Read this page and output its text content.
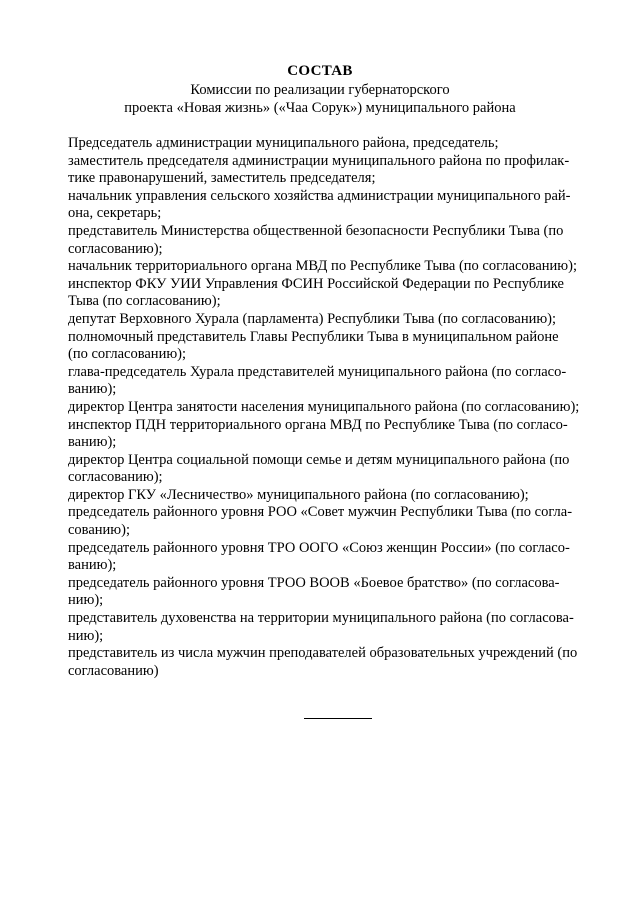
СОСТАВ
Комиссии по реализации губернаторского
проекта «Новая жизнь» («Чаа Сорук») муниципального района
Председатель администрации муниципального района, председатель;
заместитель председателя администрации муниципального района по профилак-
тике правонарушений, заместитель председателя;
начальник управления сельского хозяйства администрации муниципального рай-
она, секретарь;
представитель Министерства общественной безопасности Республики Тыва (по
согласованию);
начальник территориального органа МВД по Республике Тыва (по согласованию);
инспектор ФКУ УИИ Управления ФСИН Российской Федерации по Республике
Тыва (по согласованию);
депутат Верховного Хурала (парламента) Республики Тыва (по согласованию);
полномочный представитель Главы Республики Тыва в муниципальном районе
(по согласованию);
глава-председатель Хурала представителей муниципального района (по согласо-
ванию);
директор Центра занятости населения муниципального района (по согласованию);
инспектор ПДН территориального органа МВД по Республике Тыва (по согласо-
ванию);
директор Центра социальной помощи семье и детям муниципального района (по
согласованию);
директор ГКУ «Лесничество» муниципального района (по согласованию);
председатель районного уровня РОО «Совет мужчин Республики Тыва (по согла-
сованию);
председатель районного уровня ТРО ООГО «Союз женщин России» (по согласо-
ванию);
председатель районного уровня ТРОО ВООВ «Боевое братство» (по согласова-
нию);
представитель духовенства на территории муниципального района (по согласова-
нию);
представитель из числа мужчин преподавателей образовательных учреждений (по
согласованию)
